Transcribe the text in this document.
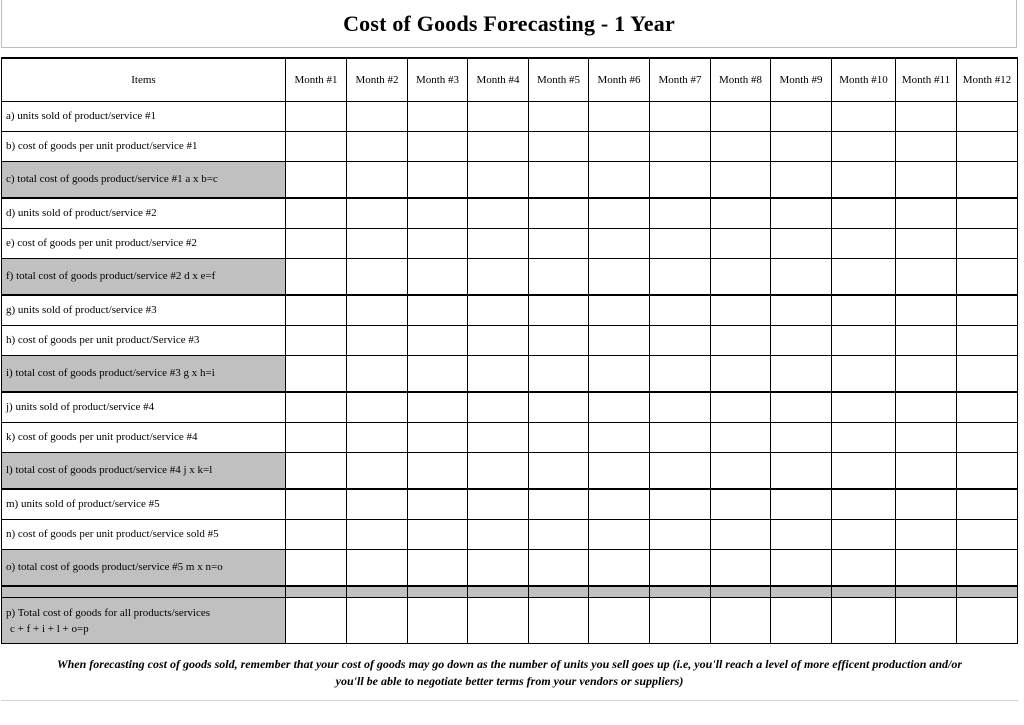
Cost of Goods Forecasting - 1 Year
Items	Month #1	Month #2	Month #3	Month #4	Month #5	Month #6	Month #7	Month #8	Month #9	Month #10	Month #11	Month #12
a) units sold of product/service #1												
b) cost of goods per unit product/service #1												
c) total cost of goods product/service #1 a x b=c												
d) units sold of product/service #2												
e) cost of goods per unit product/service #2												
f) total cost of goods product/service #2 d x e=f												
g) units sold of product/service #3												
h) cost of goods per unit product/Service #3												
i) total cost of goods product/service #3 g x h=i												
j) units sold of product/service #4												
k) cost of goods per unit product/service #4												
l) total cost of goods product/service #4 j x k=l												
m) units sold of product/service #5												
n) cost of goods per unit product/service sold #5												
o) total cost of goods product/service #5 m x n=o												

p) Total cost of goods for all products/services
c + f + i + l + o=p												

When forecasting cost of goods sold, remember that your cost of goods may go down as the number of units you sell goes up (i.e, you'll reach a level of more efficent production and/or
you'll be able to negotiate better terms from your vendors or suppliers)
